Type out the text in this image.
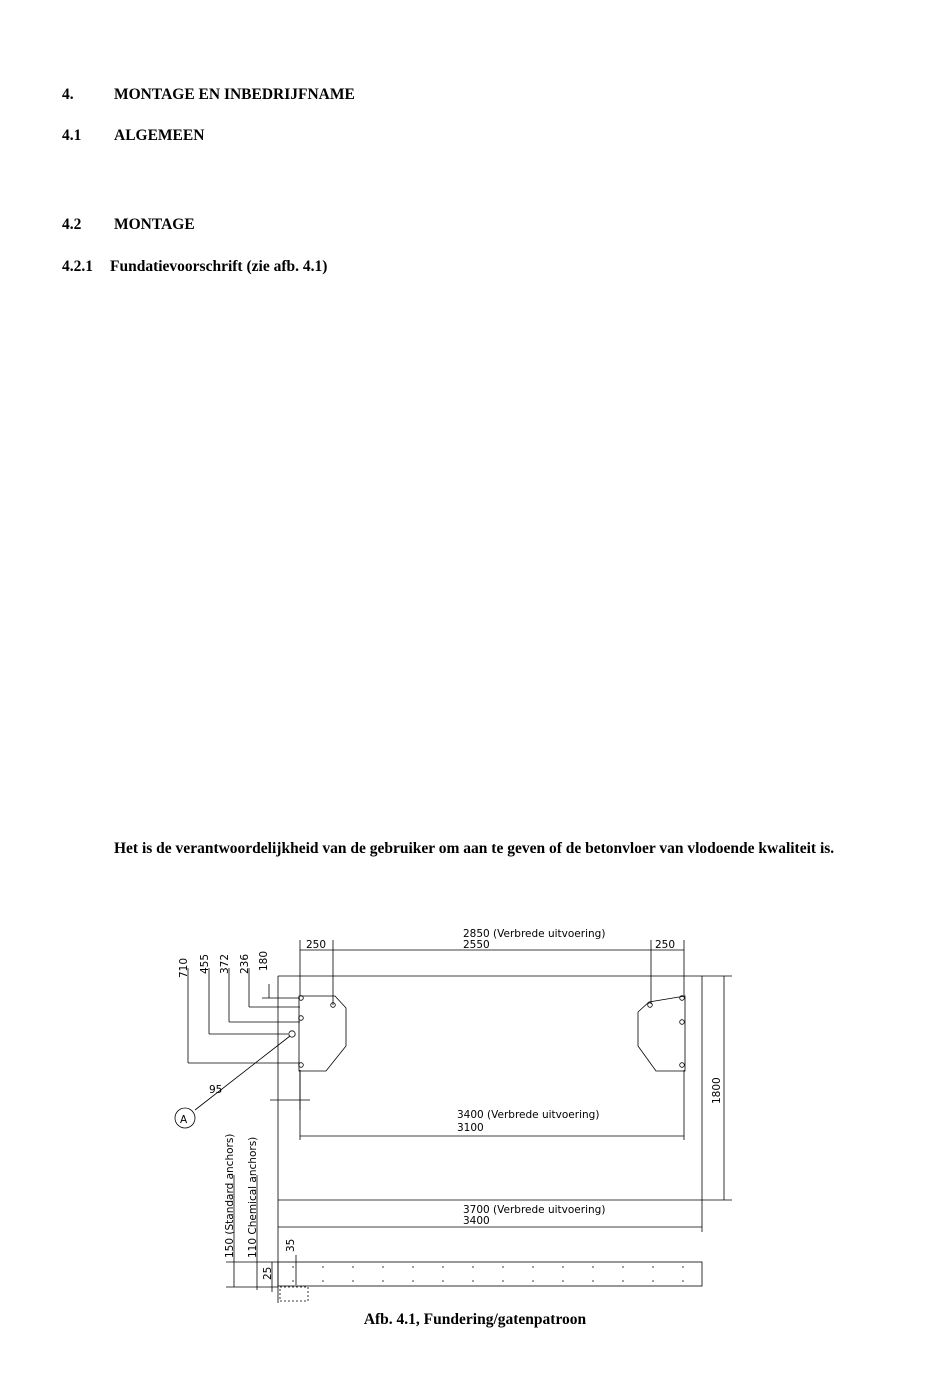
4.	MONTAGE EN INBEDRIJFNAME
4.1 ALGEMEEN
4.2 MONTAGE
4.2.1 Fundatievoorschrift (zie afb. 4.1)
Het is de verantwoordelijkheid van de gebruiker om aan te geven of de betonvloer van vlodoende kwaliteit is.
250	250
2850 (Verbrede uitvoering)
2550
710 455 372 236 180
95
A	3400 (Verbrede uitvoering)
3100
1800
3700 (Verbrede uitvoering)
3400
150 (Standard anchors) 110 Chemical anchors) 35
25
Afb. 4.1, Fundering/gatenpatroon
